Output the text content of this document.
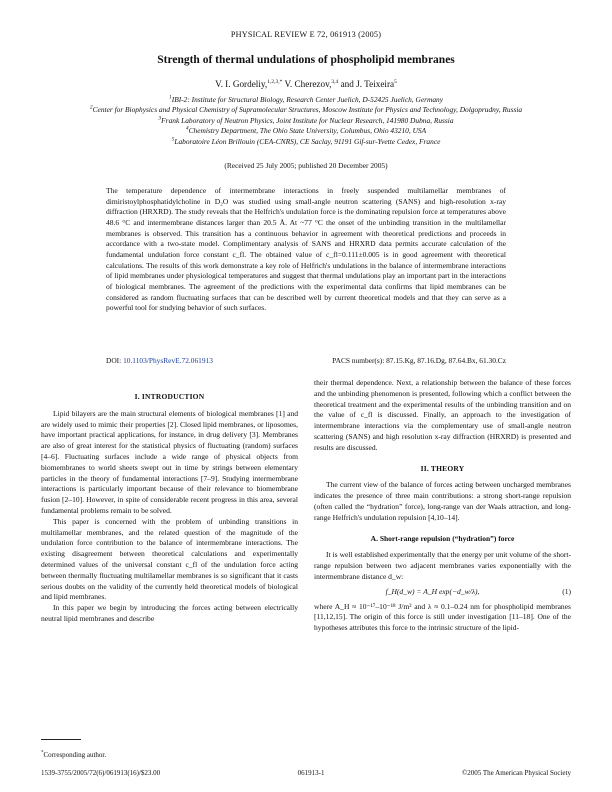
PHYSICAL REVIEW E 72, 061913 (2005)
Strength of thermal undulations of phospholipid membranes
V. I. Gordeliy,$^{1,2,3,*}$ V. Cherezov,$^{3,4}$ and J. Teixeira$^5$
$^1$IBI-2: Institute for Structural Biology, Research Center Juelich, D-52425 Juelich, Germany
$^2$Center for Biophysics and Physical Chemistry of Supramolecular Structures, Moscow Institute for Physics and Technology, Dolgoprudny, Russia
$^3$Frank Laboratory of Neutron Physics, Joint Institute for Nuclear Research, 141980 Dubna, Russia
$^4$Chemistry Department, The Ohio State University, Columbus, Ohio 43210, USA
$^5$Laboratoire Léon Brillouin (CEA-CNRS), CE Saclay, 91191 Gif-sur-Yvette Cedex, France
(Received 25 July 2005; published 20 December 2005)
The temperature dependence of intermembrane interactions in freely suspended multilamellar membranes of dimiristoylphosphatidylcholine in D₂O was studied using small-angle neutron scattering (SANS) and high-resolution x-ray diffraction (HRXRD). The study reveals that the Helfrich's undulation force is the dominating repulsion force at temperatures above 48.6 °C and intermembrane distances larger than 20.5 Å. At ~77 °C the onset of the unbinding transition in the multilamellar membranes is observed. This transition has a continuous behavior in agreement with theoretical predictions and proceeds in accordance with a two-state model. Complimentary analysis of SANS and HRXRD data permits accurate calculation of the fundamental undulation force constant c_fl. The obtained value of c_fl=0.111±0.005 is in good agreement with theoretical calculations. The results of this work demonstrate a key role of Helfrich's undulations in the balance of intermembrane interactions of lipid membranes under physiological temperatures and suggest that thermal undulations play an important part in the interactions of biological membranes. The agreement of the predictions with the experimental data confirms that lipid membranes can be considered as random fluctuating surfaces that can be described well by current theoretical models and that they can serve as a powerful tool for studying behavior of such surfaces.
DOI: 10.1103/PhysRevE.72.061913	PACS number(s): 87.15.Kg, 87.16.Dg, 87.64.Bx, 61.30.Cz
I. INTRODUCTION

Lipid bilayers are the main structural elements of biological membranes [1] and are widely used to mimic their properties [2]. Closed lipid membranes, or liposomes, have important practical applications, for instance, in drug delivery [3]. Membranes are also of great interest for the statistical physics of fluctuating (random) surfaces [4–6]. Fluctuating surfaces include a wide range of physical objects from biomembranes to world sheets swept out in time by strings between elementary particles in the theory of fundamental interactions [7–9]. Studying intermembrane interactions is particularly important because of their relevance to biomembrane fusion [2–10]. However, in spite of considerable recent progress in this area, several fundamental problems remain to be solved.

This paper is concerned with the problem of unbinding transitions in multilamellar membranes, and the related question of the magnitude of the undulation force contribution to the balance of intermembrane interactions. The existing disagreement between theoretical calculations and experimentally determined values of the universal constant c_fl of the undulation force acting between thermally fluctuating multilamellar membranes is so significant that it casts serious doubts on the validity of the currently held theoretical models of biological and lipid membranes.

In this paper we begin by introducing the forces acting between electrically neutral lipid membranes and describe

their thermal dependence. Next, a relationship between the balance of these forces and the unbinding phenomenon is presented, following which a conflict between the theoretical treatment and the experimental results of the unbinding transition and on the value of c_fl is discussed. Finally, an approach to the investigation of intermembrane interactions via the complementary use of small-angle neutron scattering (SANS) and high resolution x-ray diffraction (HRXRD) is presented and results are discussed.

II. THEORY

The current view of the balance of forces acting between uncharged membranes indicates the presence of three main contributions: a strong short-range repulsion (often called the “hydration” force), long-range van der Waals attraction, and long-range Helfrich's undulation repulsion [4,10–14].

A. Short-range repulsion (“hydration”) force

It is well established experimentally that the energy per unit volume of the short-range repulsion between two adjacent membranes varies exponentially with the intermembrane distance d_w:

f_H(d_w) = A_H exp(−d_w/λ),	(1)

where A_H ≈ 10⁻¹⁷–10⁻¹⁸ J/m² and λ ≈ 0.1–0.24 nm for phospholipid membranes [11,12,15]. The origin of this force is still under investigation [11–18]. One of the hypotheses attributes this force to the intrinsic structure of the lipid-

*Corresponding author.
1539-3755/2005/72(6)/061913(16)/$23.00	061913-1	©2005 The American Physical Society
